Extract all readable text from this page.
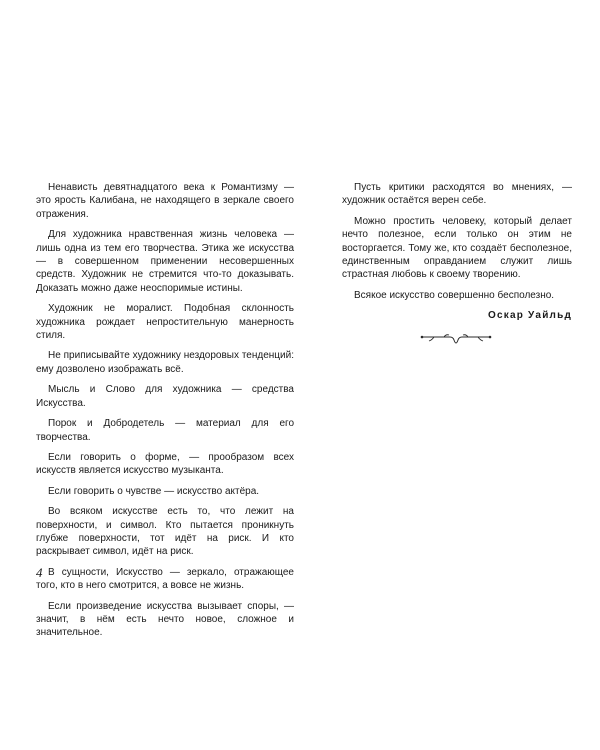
Ненависть девятнадцатого века к Романтизму — это ярость Калибана, не находящего в зеркале своего отражения.

Для художника нравственная жизнь человека — лишь одна из тем его творчества. Этика же искусства — в совершенном применении несовершенных средств. Художник не стремится что-то доказывать. Доказать можно даже неоспоримые истины.

Художник не моралист. Подобная склонность художника рождает непростительную манерность стиля.

Не приписывайте художнику нездоровых тенденций: ему дозволено изображать всё.

Мысль и Слово для художника — средства Искусства.

Порок и Добродетель — материал для его творчества.

Если говорить о форме, — прообразом всех искусств является искусство музыканта.

Если говорить о чувстве — искусство актёра.

Во всяком искусстве есть то, что лежит на поверхности, и символ. Кто пытается проникнуть глубже поверхности, тот идёт на риск. И кто раскрывает символ, идёт на риск.

В сущности, Искусство — зеркало, отражающее того, кто в него смотрится, а вовсе не жизнь.

Если произведение искусства вызывает споры, — значит, в нём есть нечто новое, сложное и значительное.

Пусть критики расходятся во мнениях, — художник остаётся верен себе.

Можно простить человеку, который делает нечто полезное, если только он этим не восторгается. Тому же, кто создаёт бесполезное, единственным оправданием служит лишь страстная любовь к своему творению.

Всякое искусство совершенно бесполезно.

Оскар Уайльд

4
